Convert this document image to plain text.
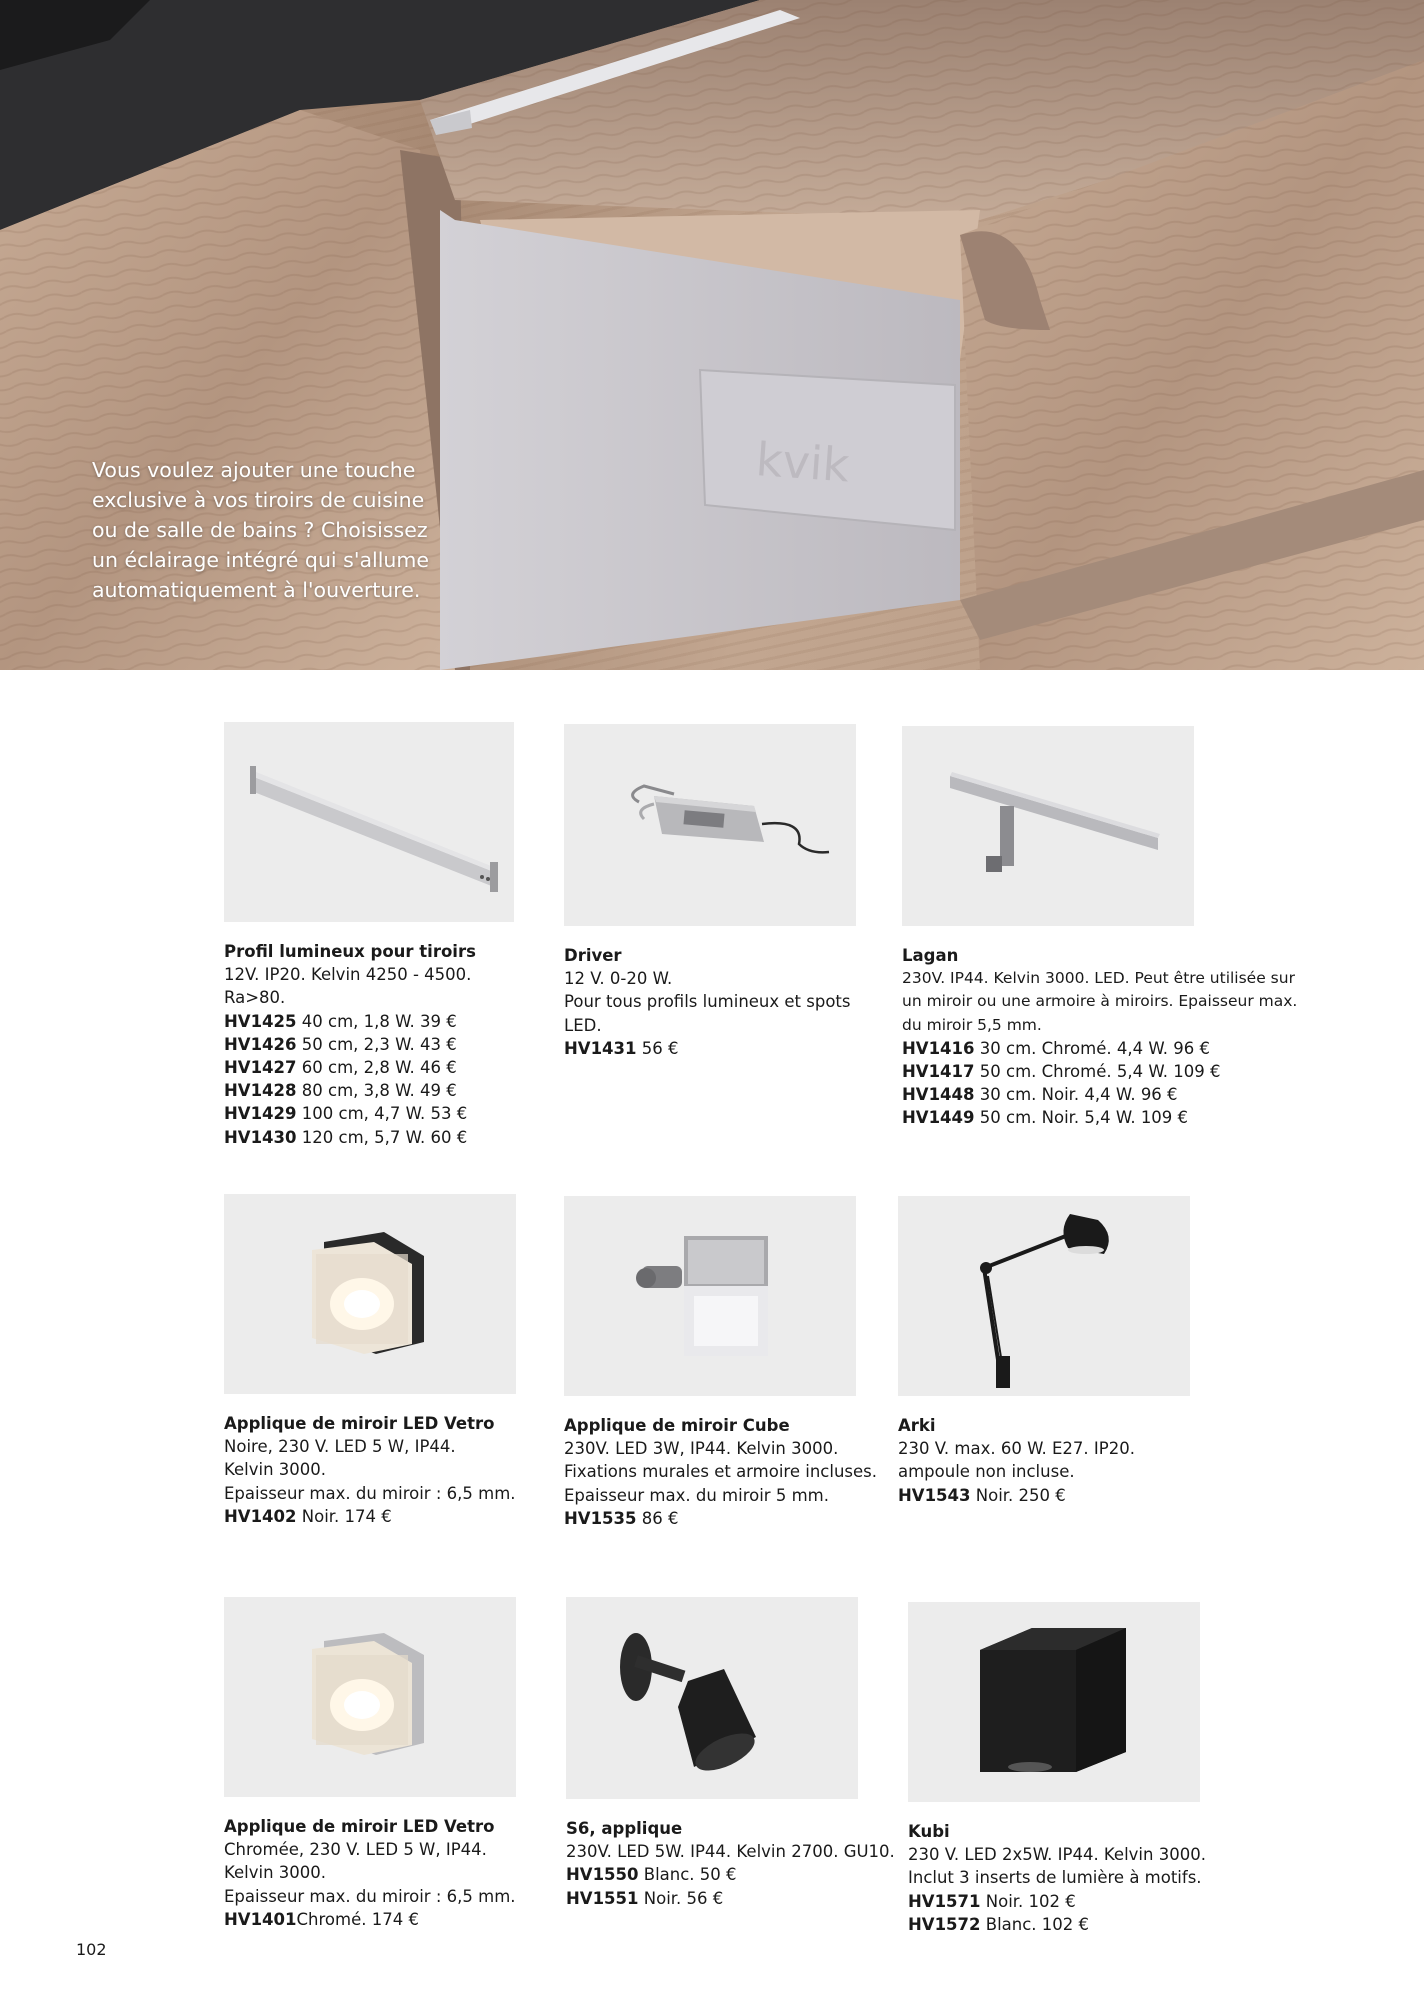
kvik
Vous voulez ajouter une touche
exclusive à vos tiroirs de cuisine
ou de salle de bains ? Choisissez
un éclairage intégré qui s'allume
automatiquement à l'ouverture.
Profil lumineux pour tiroirs
12V. IP20. Kelvin 4250 - 4500. Ra>80.
HV1425 40 cm, 1,8 W. 39 €
HV1426 50 cm, 2,3 W. 43 €
HV1427 60 cm, 2,8 W. 46 €
HV1428 80 cm, 3,8 W. 49 €
HV1429 100 cm, 4,7 W. 53 €
HV1430 120 cm, 5,7 W. 60 €
Driver
12 V. 0-20 W.
Pour tous profils lumineux et spots
LED.
HV1431 56 €
Lagan
230V. IP44. Kelvin 3000. LED. Peut être utilisée sur
un miroir ou une armoire à miroirs. Epaisseur max.
du miroir 5,5 mm.
HV1416 30 cm. Chromé. 4,4 W. 96 €
HV1417 50 cm. Chromé. 5,4 W. 109 €
HV1448 30 cm. Noir. 4,4 W. 96 €
HV1449 50 cm. Noir. 5,4 W. 109 €
Applique de miroir LED Vetro
Noire, 230 V. LED 5 W, IP44.
Kelvin 3000.
Epaisseur max. du miroir : 6,5 mm.
HV1402 Noir. 174 €
Applique de miroir Cube
230V. LED 3W, IP44. Kelvin 3000.
Fixations murales et armoire incluses.
Epaisseur max. du miroir 5 mm.
HV1535 86 €
Arki
230 V. max. 60 W. E27. IP20.
ampoule non incluse.
HV1543 Noir. 250 €
Applique de miroir LED Vetro
Chromée, 230 V. LED 5 W, IP44.
Kelvin 3000.
Epaisseur max. du miroir : 6,5 mm.
HV1401Chromé. 174 €
S6, applique
230V. LED 5W. IP44. Kelvin 2700. GU10.
HV1550 Blanc. 50 €
HV1551 Noir. 56 €
Kubi
230 V. LED 2x5W. IP44. Kelvin 3000.
Inclut 3 inserts de lumière à motifs.
HV1571 Noir. 102 €
HV1572 Blanc. 102 €
102
